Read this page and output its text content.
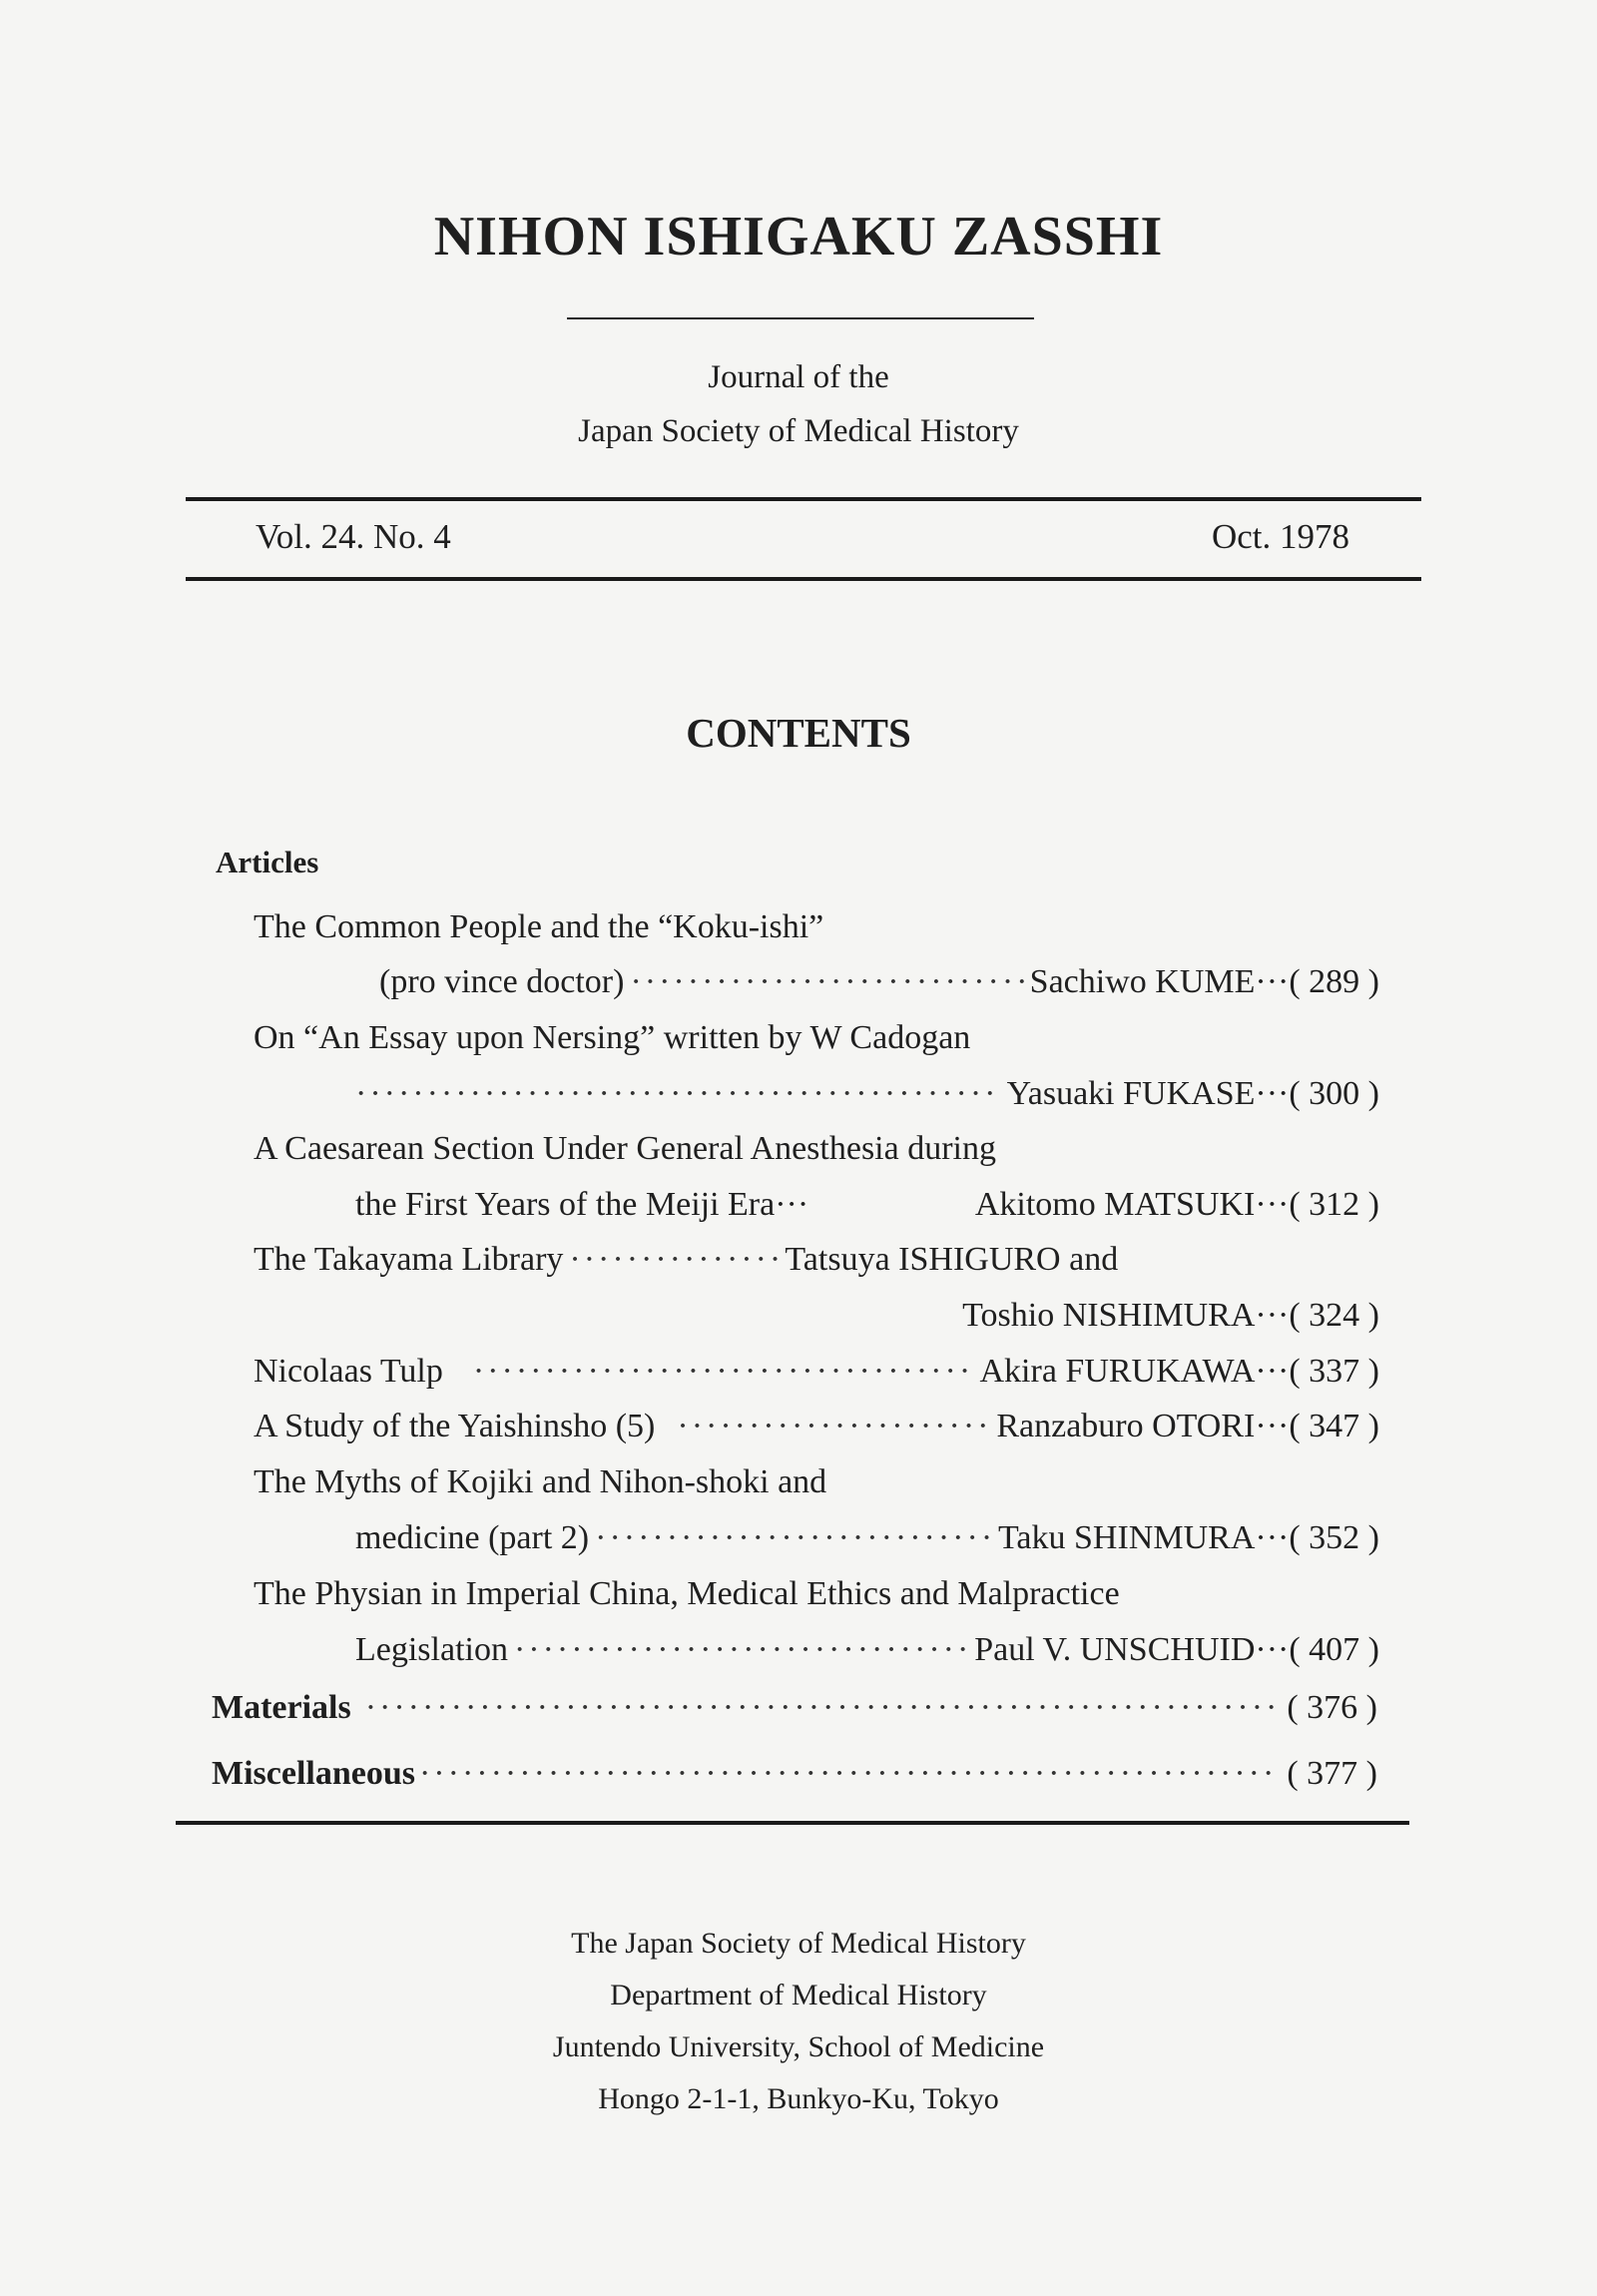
NIHON ISHIGAKU ZASSHI
Journal of the
Japan Society of Medical History
Vol. 24. No. 4	Oct. 1978
CONTENTS
Articles
The Common People and the “Koku-ishi”
(pro vince doctor) ·····	Sachiwo KUME ··· ( 289 )
On “An Essay upon Nersing” written by W Cadogan
·····
Yasuaki FUKASE ··· ( 300 )
A Caesarean Section Under General Anesthesia during
the First Years of the Meiji Era ···	Akitomo MATSUKI ··· ( 312 )
The Takayama Library ·····	Tatsuya ISHIGURO and
Toshio NISHIMURA ··· ( 324 )
Nicolaas Tulp ·····	Akira FURUKAWA ··· ( 337 )
A Study of the Yaishinsho (5) ·····	Ranzaburo OTORI ··· ( 347 )
The Myths of Kojiki and Nihon-shoki and
medicine (part 2) ·····	Taku SHINMURA ··· ( 352 )
The Physian in Imperial China, Medical Ethics and Malpractice
Legislation ·····	Paul V. UNSCHUID ··· ( 407 )
Materials ·····	( 376 )
Miscellaneous ·····	( 377 )
The Japan Society of Medical History
Department of Medical History
Juntendo University, School of Medicine
Hongo 2-1-1, Bunkyo-Ku, Tokyo
